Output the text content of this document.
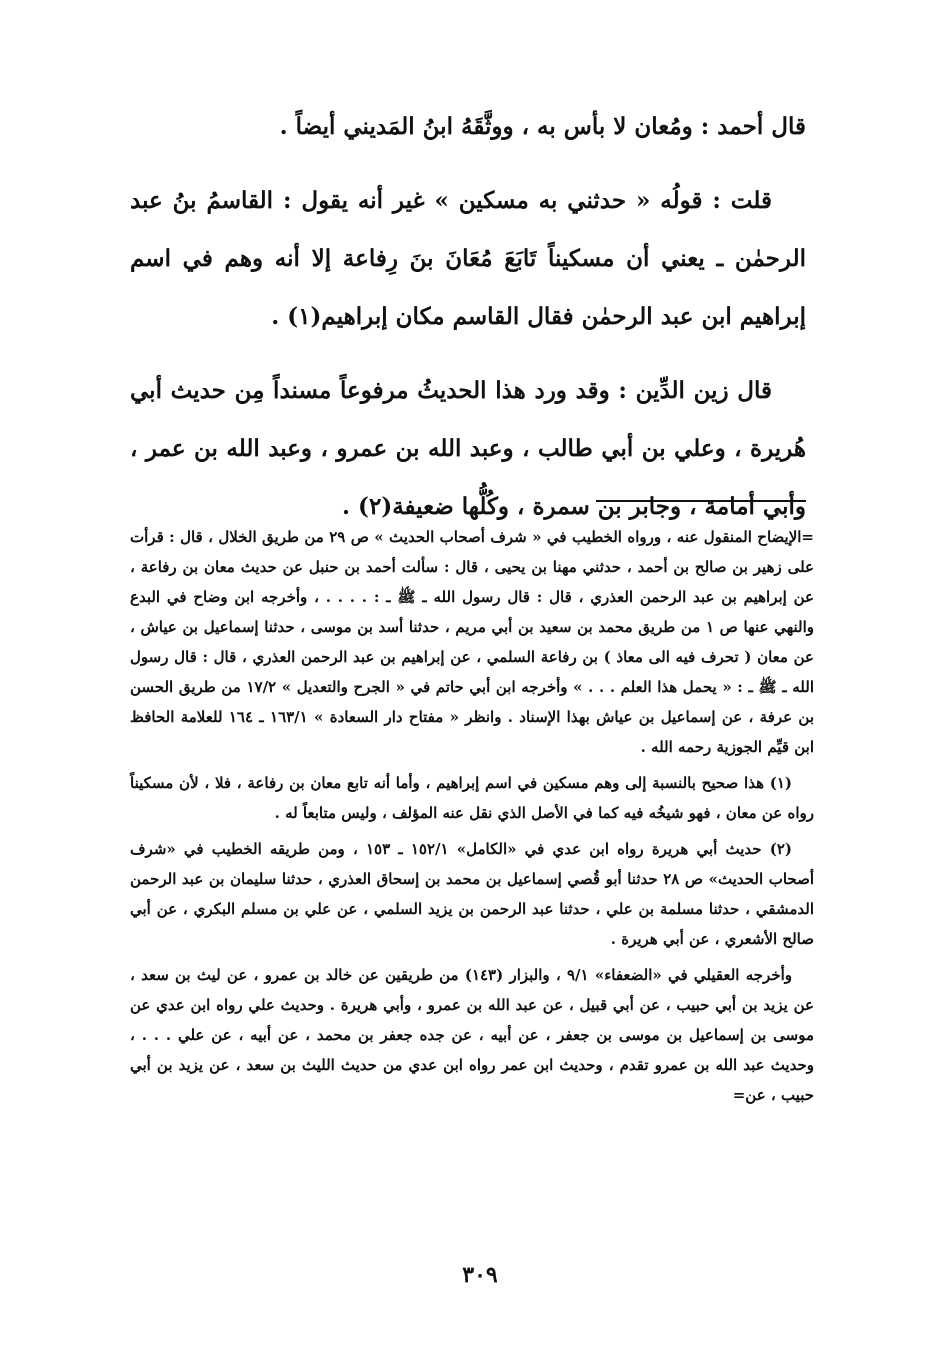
قال أحمد : ومُعان لا بأس به ، ووثَّقَهُ ابنُ المَديني أيضاً .

قلت : قولُه « حدثني به مسكين » غير أنه يقول : القاسمُ بنُ عبد الرحمٰن ـ يعني أن مسكيناً تَابَعَ مُعَانَ بنَ رِفاعة إلا أنه وهم في اسم إبراهيم ابن عبد الرحمٰن فقال القاسم مكان إبراهيم(١) .

قال زين الدِّين : وقد ورد هذا الحديثُ مرفوعاً مسنداً مِن حديث أبي هُريرة ، وعلي بن أبي طالب ، وعبد الله بن عمرو ، وعبد الله بن عمر ، وأبي أمامة ، وجابر بن سمرة ، وكُلُّها ضعيفة(٢) .

=الإيضاح المنقول عنه ، ورواه الخطيب في « شرف أصحاب الحديث » ص ٢٩ من طريق الخلال ، قال : قرأت على زهير بن صالح بن أحمد ، حدثني مهنا بن يحيى ، قال : سألت أحمد بن حنبل عن حديث معان بن رفاعة ، عن إبراهيم بن عبد الرحمن العذري ، قال : قال رسول الله ـ ﷺ ـ : . . . . ، وأخرجه ابن وضاح في البدع والنهي عنها ص ١ من طريق محمد بن سعيد بن أبي مريم ، حدثنا أسد بن موسى ، حدثنا إسماعيل بن عياش ، عن معان ( تحرف فيه الى معاذ ) بن رفاعة السلمي ، عن إبراهيم بن عبد الرحمن العذري ، قال : قال رسول الله ـ ﷺ ـ : « يحمل هذا العلم . . . » وأخرجه ابن أبي حاتم في « الجرح والتعديل » ١٧/٢ من طريق الحسن بن عرفة ، عن إسماعيل بن عياش بهذا الإسناد . وانظر « مفتاح دار السعادة » ١٦٣/١ ـ ١٦٤ للعلامة الحافظ ابن قيِّم الجوزية رحمه الله .

(١) هذا صحيح بالنسبة إلى وهم مسكين في اسم إبراهيم ، وأما أنه تابع معان بن رفاعة ، فلا ، لأن مسكيناً رواه عن معان ، فهو شيخُه فيه كما في الأصل الذي نقل عنه المؤلف ، وليس متابعاً له .

(٢) حديث أبي هريرة رواه ابن عدي في «الكامل» ١٥٢/١ ـ ١٥٣ ، ومن طريقه الخطيب في «شرف أصحاب الحديث» ص ٢٨ حدثنا أبو قُصي إسماعيل بن محمد بن إسحاق العذري ، حدثنا سليمان بن عبد الرحمن الدمشقي ، حدثنا مسلمة بن علي ، حدثنا عبد الرحمن بن يزيد السلمي ، عن علي بن مسلم البكري ، عن أبي صالح الأشعري ، عن أبي هريرة .

وأخرجه العقيلي في «الضعفاء» ٩/١ ، والبزار (١٤٣) من طريقين عن خالد بن عمرو ، عن ليث بن سعد ، عن يزيد بن أبي حبيب ، عن أبي قبيل ، عن عبد الله بن عمرو ، وأبي هريرة . وحديث علي رواه ابن عدي عن موسى بن إسماعيل بن موسى بن جعفر ، عن أبيه ، عن جده جعفر بن محمد ، عن أبيه ، عن علي . . . ، وحديث عبد الله بن عمرو تقدم ، وحديث ابن عمر رواه ابن عدي من حديث الليث بن سعد ، عن يزيد بن أبي حبيب ، عن=

٣٠٩
